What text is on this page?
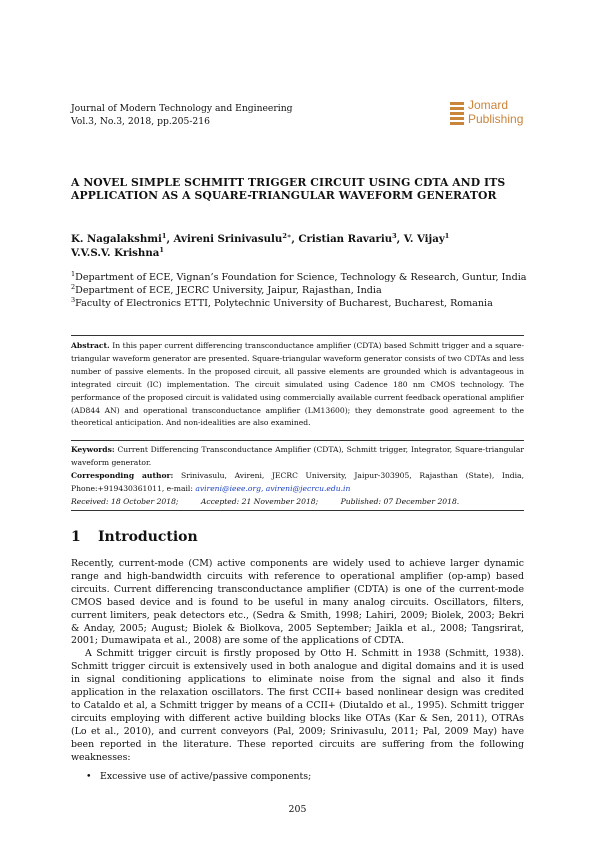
Journal of Modern Technology and Engineering
Vol.3, No.3, 2018, pp.205-216
Jomard
Publishing
A NOVEL SIMPLE SCHMITT TRIGGER CIRCUIT USING CDTA AND ITS APPLICATION AS A SQUARE-TRIANGULAR WAVEFORM GENERATOR
K. Nagalakshmi$^1$, Avireni Srinivasulu$^{2∗}$, Cristian Ravariu$^3$, V. Vijay$^1$
V.V.S.V. Krishna$^1$
$^1$Department of ECE, Vignan’s Foundation for Science, Technology & Research, Guntur, India
$^2$Department of ECE, JECRC University, Jaipur, Rajasthan, India
$^3$Faculty of Electronics ETTI, Polytechnic University of Bucharest, Bucharest, Romania
Abstract. In this paper current differencing transconductance amplifier (CDTA) based Schmitt trigger and a square-triangular waveform generator are presented. Square-triangular waveform generator consists of two CDTAs and less number of passive elements. In the proposed circuit, all passive elements are grounded which is advantageous in integrated circuit (IC) implementation. The circuit simulated using Cadence 180 nm CMOS technology. The performance of the proposed circuit is validated using commercially available current feedback operational amplifier (AD844 AN) and operational transconductance amplifier (LM13600); they demonstrate good agreement to the theoretical anticipation. And non-idealities are also examined.
Keywords: Current Differencing Transconductance Amplifier (CDTA), Schmitt trigger, Integrator, Square-triangular waveform generator.
Corresponding author: Srinivasulu, Avireni, JECRC University, Jaipur-303905, Rajasthan (State), India, Phone:+919430361011, e-mail: avireni@ieee.org, avireni@jecrcu.edu.in
Received: 18 October 2018;	Accepted: 21 November 2018;	Published: 07 December 2018.
1 Introduction

Recently, current-mode (CM) active components are widely used to achieve larger dynamic range and high-bandwidth circuits with reference to operational amplifier (op-amp) based circuits. Current differencing transconductance amplifier (CDTA) is one of the current-mode CMOS based device and is found to be useful in many analog circuits. Oscillators, filters, current limiters, peak detectors etc., (Sedra & Smith, 1998; Lahiri, 2009; Biolek, 2003; Bekri & Anday, 2005; August; Biolek & Biolkova, 2005 September; Jaikla et al., 2008; Tangsrirat, 2001; Dumawipata et al., 2008) are some of the applications of CDTA.

A Schmitt trigger circuit is firstly proposed by Otto H. Schmitt in 1938 (Schmitt, 1938). Schmitt trigger circuit is extensively used in both analogue and digital domains and it is used in signal conditioning applications to eliminate noise from the signal and also it finds application in the relaxation oscillators. The first CCII+ based nonlinear design was credited to Cataldo et al, a Schmitt trigger by means of a CCII+ (Diutaldo et al., 1995). Schmitt trigger circuits employing with different active building blocks like OTAs (Kar & Sen, 2011), OTRAs (Lo et al., 2010), and current conveyors (Pal, 2009; Srinivasulu, 2011; Pal, 2009 May) have been reported in the literature. These reported circuits are suffering from the following weaknesses:

• Excessive use of active/passive components;
205
